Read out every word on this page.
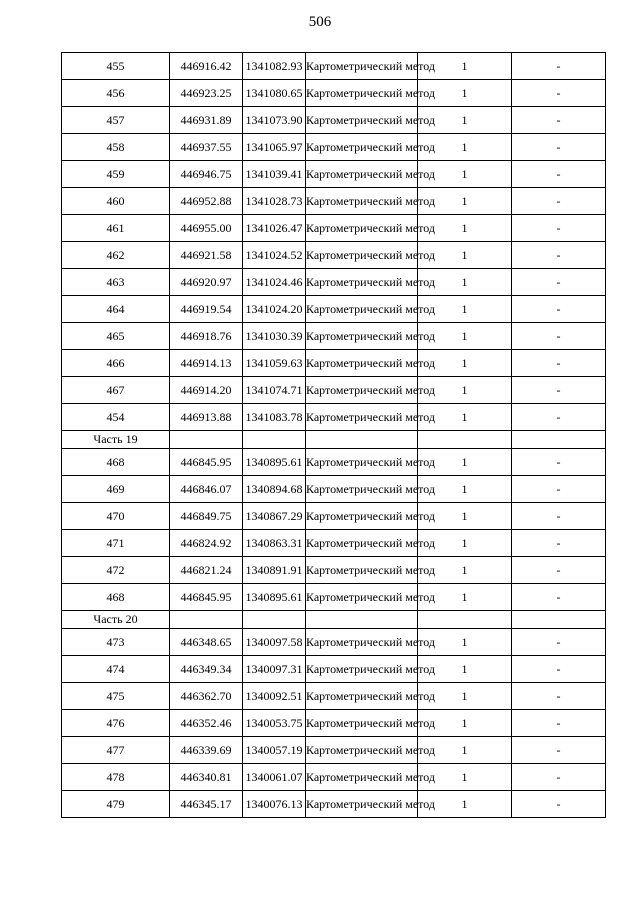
506
455	446916.42	1341082.93	Картометрический метод	1	-
456	446923.25	1341080.65	Картометрический метод	1	-
457	446931.89	1341073.90	Картометрический метод	1	-
458	446937.55	1341065.97	Картометрический метод	1	-
459	446946.75	1341039.41	Картометрический метод	1	-
460	446952.88	1341028.73	Картометрический метод	1	-
461	446955.00	1341026.47	Картометрический метод	1	-
462	446921.58	1341024.52	Картометрический метод	1	-
463	446920.97	1341024.46	Картометрический метод	1	-
464	446919.54	1341024.20	Картометрический метод	1	-
465	446918.76	1341030.39	Картометрический метод	1	-
466	446914.13	1341059.63	Картометрический метод	1	-
467	446914.20	1341074.71	Картометрический метод	1	-
454	446913.88	1341083.78	Картометрический метод	1	-
Часть 19					
468	446845.95	1340895.61	Картометрический метод	1	-
469	446846.07	1340894.68	Картометрический метод	1	-
470	446849.75	1340867.29	Картометрический метод	1	-
471	446824.92	1340863.31	Картометрический метод	1	-
472	446821.24	1340891.91	Картометрический метод	1	-
468	446845.95	1340895.61	Картометрический метод	1	-
Часть 20					
473	446348.65	1340097.58	Картометрический метод	1	-
474	446349.34	1340097.31	Картометрический метод	1	-
475	446362.70	1340092.51	Картометрический метод	1	-
476	446352.46	1340053.75	Картометрический метод	1	-
477	446339.69	1340057.19	Картометрический метод	1	-
478	446340.81	1340061.07	Картометрический метод	1	-
479	446345.17	1340076.13	Картометрический метод	1	-
